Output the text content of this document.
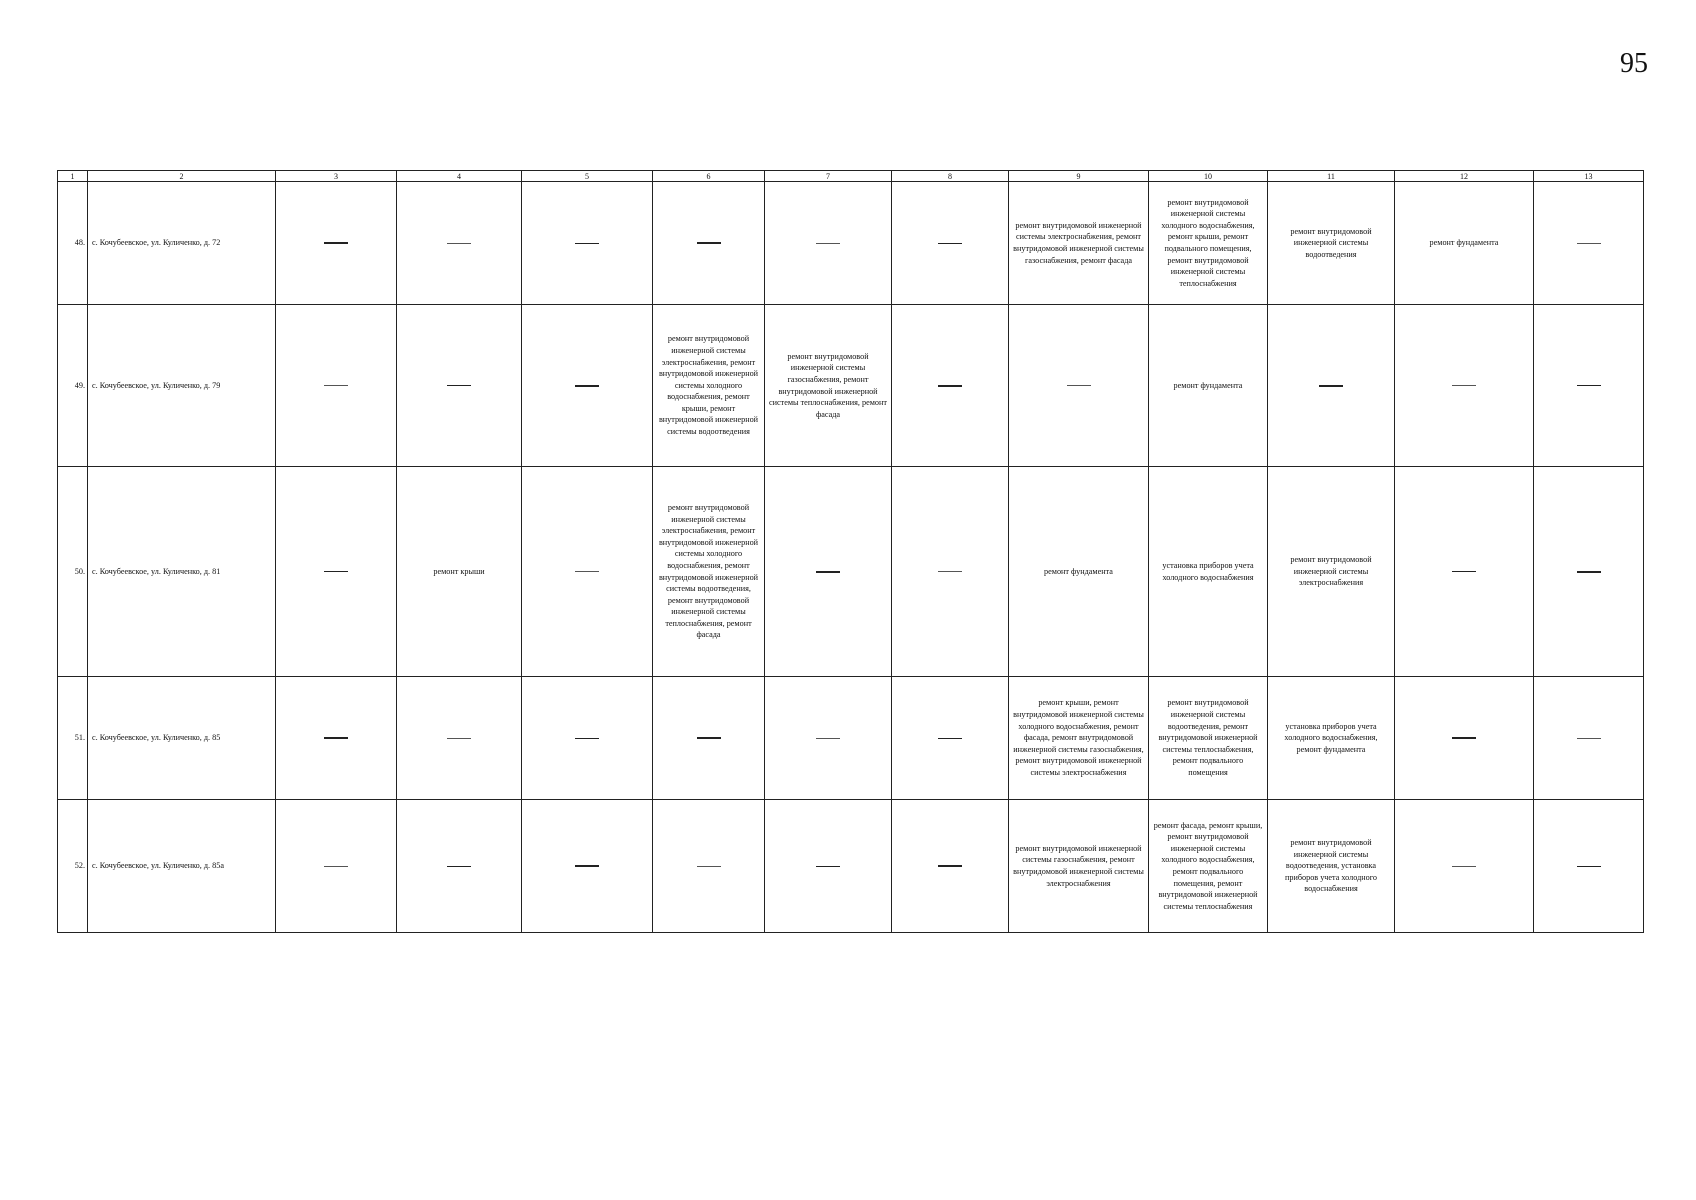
95
1	2	3	4	5	6	7	8	9	10	11	12	13
48.	с. Кочубеевское, ул. Куличенко, д. 72							ремонт внутридомовой инженерной системы электроснабжения, ремонт внутридомовой инженерной системы газоснабжения, ремонт фасада	ремонт внутридомовой инженерной системы холодного водоснабжения, ремонт крыши, ремонт подвального помещения, ремонт внутридомовой инженерной системы теплоснабжения	ремонт внутридомовой инженерной системы водоотведения	ремонт фундамента	
49.	с. Кочубеевское, ул. Куличенко, д. 79				ремонт внутридомовой инженерной системы электроснабжения, ремонт внутридомовой инженерной системы холодного водоснабжения, ремонт крыши, ремонт внутридомовой инженерной системы водоотведения	ремонт внутридомовой инженерной системы газоснабжения, ремонт внутридомовой инженерной системы теплоснабжения, ремонт фасада			ремонт фундамента			
50.	с. Кочубеевское, ул. Куличенко, д. 81		ремонт крыши		ремонт внутридомовой инженерной системы электроснабжения, ремонт внутридомовой инженерной системы холодного водоснабжения, ремонт внутридомовой инженерной системы водоотведения, ремонт внутридомовой инженерной системы теплоснабжения, ремонт фасада			ремонт фундамента	установка приборов учета холодного водоснабжения	ремонт внутридомовой инженерной системы электроснабжения		
51.	с. Кочубеевское, ул. Куличенко, д. 85							ремонт крыши, ремонт внутридомовой инженерной системы холодного водоснабжения, ремонт фасада, ремонт внутридомовой инженерной системы газоснабжения, ремонт внутридомовой инженерной системы электроснабжения	ремонт внутридомовой инженерной системы водоотведения, ремонт внутридомовой инженерной системы теплоснабжения, ремонт подвального помещения	установка приборов учета холодного водоснабжения, ремонт фундамента		
52.	с. Кочубеевское, ул. Куличенко, д. 85а							ремонт внутридомовой инженерной системы газоснабжения, ремонт внутридомовой инженерной системы электроснабжения	ремонт фасада, ремонт крыши, ремонт внутридомовой инженерной системы холодного водоснабжения, ремонт подвального помещения, ремонт внутридомовой инженерной системы теплоснабжения	ремонт внутридомовой инженерной системы водоотведения, установка приборов учета холодного водоснабжения		
